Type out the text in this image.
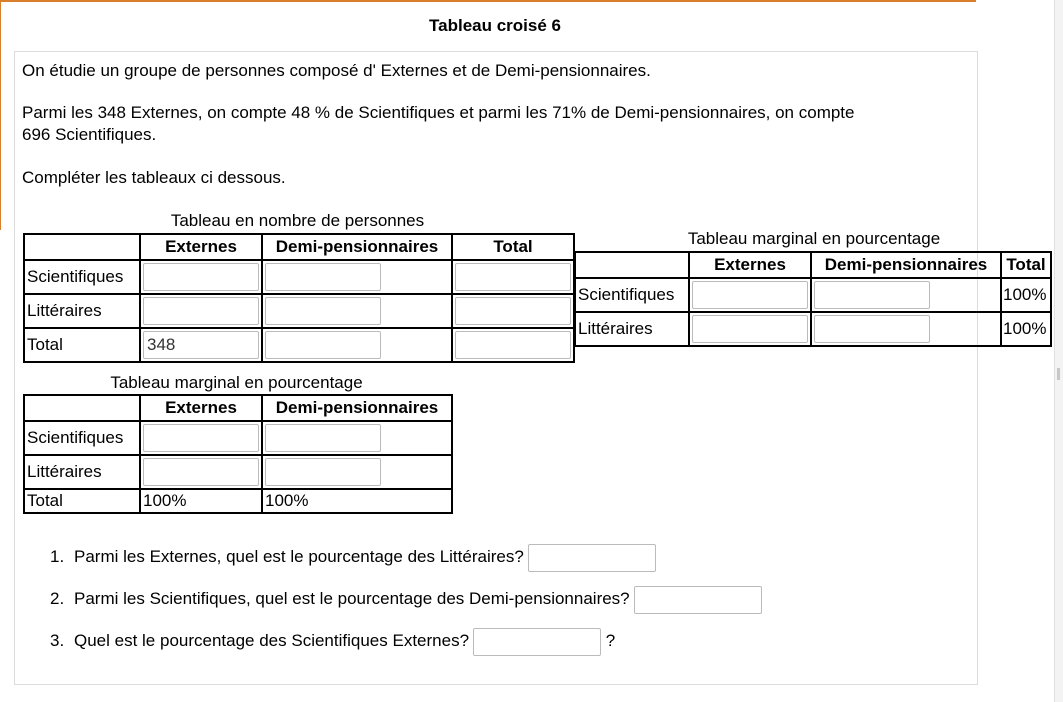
Tableau croisé 6
On étudie un groupe de personnes composé d' Externes et de Demi-pensionnaires.
Parmi les 348 Externes, on compte 48 % de Scientifiques et parmi les 71% de Demi-pensionnaires, on compte
696 Scientifiques.
Compléter les tableaux ci dessous.
Tableau en nombre de personnes
	Externes	Demi-pensionnaires	Total
Scientifiques			
Littéraires			
Total	348		
Tableau marginal en pourcentage
	Externes	Demi-pensionnaires
Scientifiques		
Littéraires		
Total	100%	100%
Tableau marginal en pourcentage
	Externes	Demi-pensionnaires	Total
Scientifiques			100%
Littéraires			100%
1. Parmi les Externes, quel est le pourcentage des Littéraires?
2. Parmi les Scientifiques, quel est le pourcentage des Demi-pensionnaires?
3. Quel est le pourcentage des Scientifiques Externes?	?
